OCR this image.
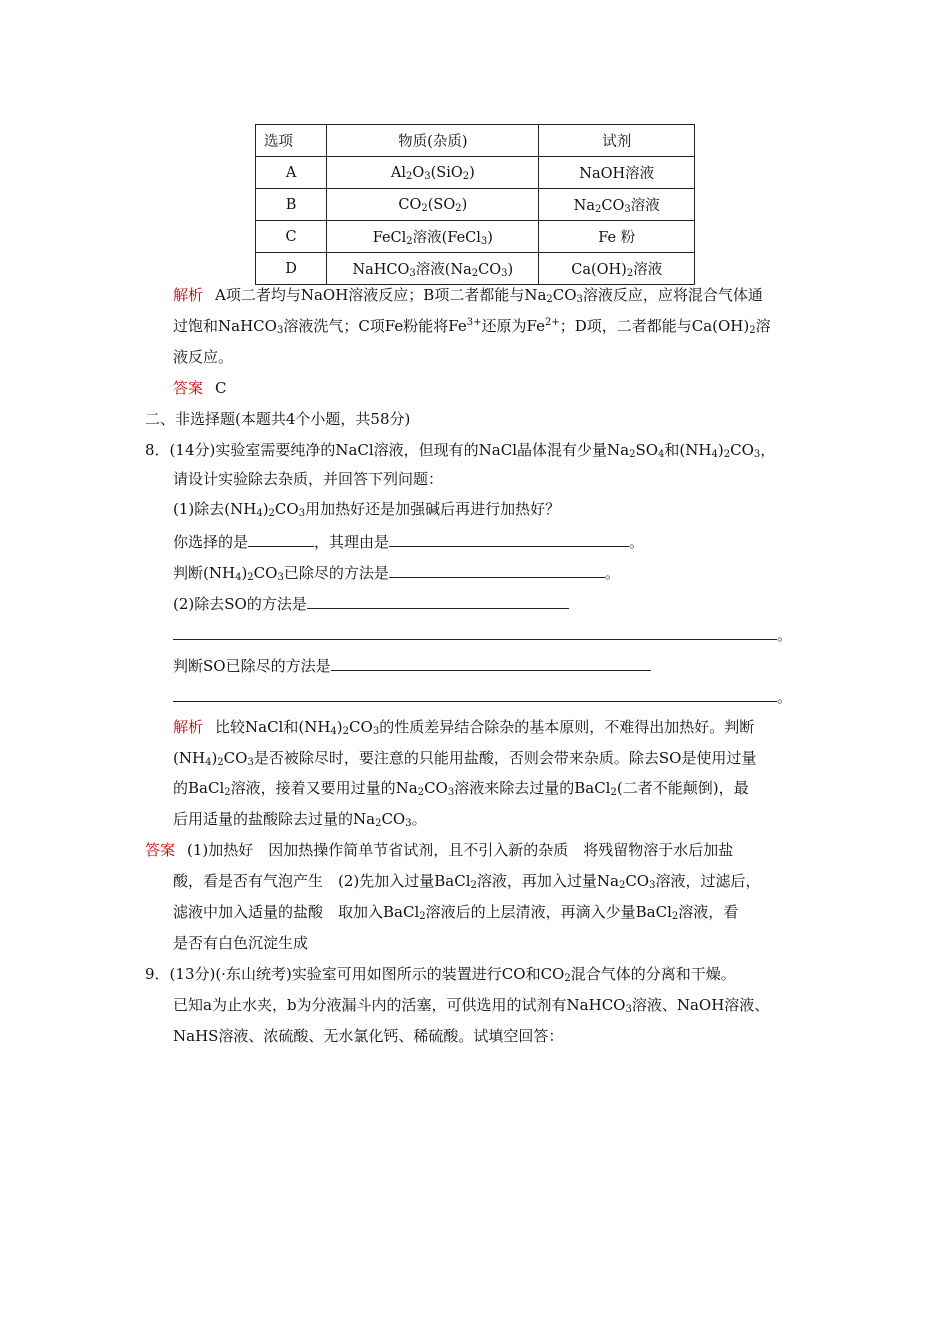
选项	物质(杂质)	试剂
A	$Al_2O_3(SiO_2)$	NaOH溶液
B	$CO_2(SO_2)$	$Na_2CO_3$溶液
C	FeCl$_2$溶液(FeCl$_3$)	Fe 粉
D	NaHCO$_3$溶液$(Na_2CO_3)$	$Ca(OH)_2$溶液
解析 A项二者均与NaOH溶液反应；B项二者都能与$Na_2CO_3$溶液反应，应将混合气体通
过饱和NaHCO$_3$溶液洗气；C项Fe粉能将$Fe^{3+}$还原为$Fe^{2+}$；D项，二者都能与$Ca(OH)_2$溶
液反应。
答案 C
二、非选择题(本题共4个小题，共58分)
8．(14分)实验室需要纯净的NaCl溶液，但现有的NaCl晶体混有少量$Na_2SO_4$和$(NH_4)_2CO_3$，
请设计实验除去杂质，并回答下列问题：
(1)除去$(NH_4)_2CO_3$用加热好还是加强碱后再进行加热好？
你选择的是	，其理由是	。
判断$(NH_4)_2CO_3$已除尽的方法是	。
(2)除去SO的方法是
。
判断SO已除尽的方法是
。
解析 比较NaCl和$(NH_4)_2CO_3$的性质差异结合除杂的基本原则，不难得出加热好。判断
$(NH_4)_2CO_3$是否被除尽时，要注意的只能用盐酸，否则会带来杂质。除去SO是使用过量
的BaCl$_2$溶液，接着又要用过量的$Na_2CO_3$溶液来除去过量的BaCl$_2$(二者不能颠倒)，最
后用适量的盐酸除去过量的$Na_2CO_3$。
答案 (1)加热好　因加热操作简单节省试剂，且不引入新的杂质　将残留物溶于水后加盐
酸，看是否有气泡产生　(2)先加入过量BaCl$_2$溶液，再加入过量$Na_2CO_3$溶液，过滤后，
滤液中加入适量的盐酸　取加入BaCl$_2$溶液后的上层清液，再滴入少量BaCl$_2$溶液，看
是否有白色沉淀生成
9．(13分)(·东山统考)实验室可用如图所示的装置进行CO和$CO_2$混合气体的分离和干燥。
已知a为止水夹，b为分液漏斗内的活塞，可供选用的试剂有NaHCO$_3$溶液、NaOH溶液、
NaHS溶液、浓硫酸、无水氯化钙、稀硫酸。试填空回答：
